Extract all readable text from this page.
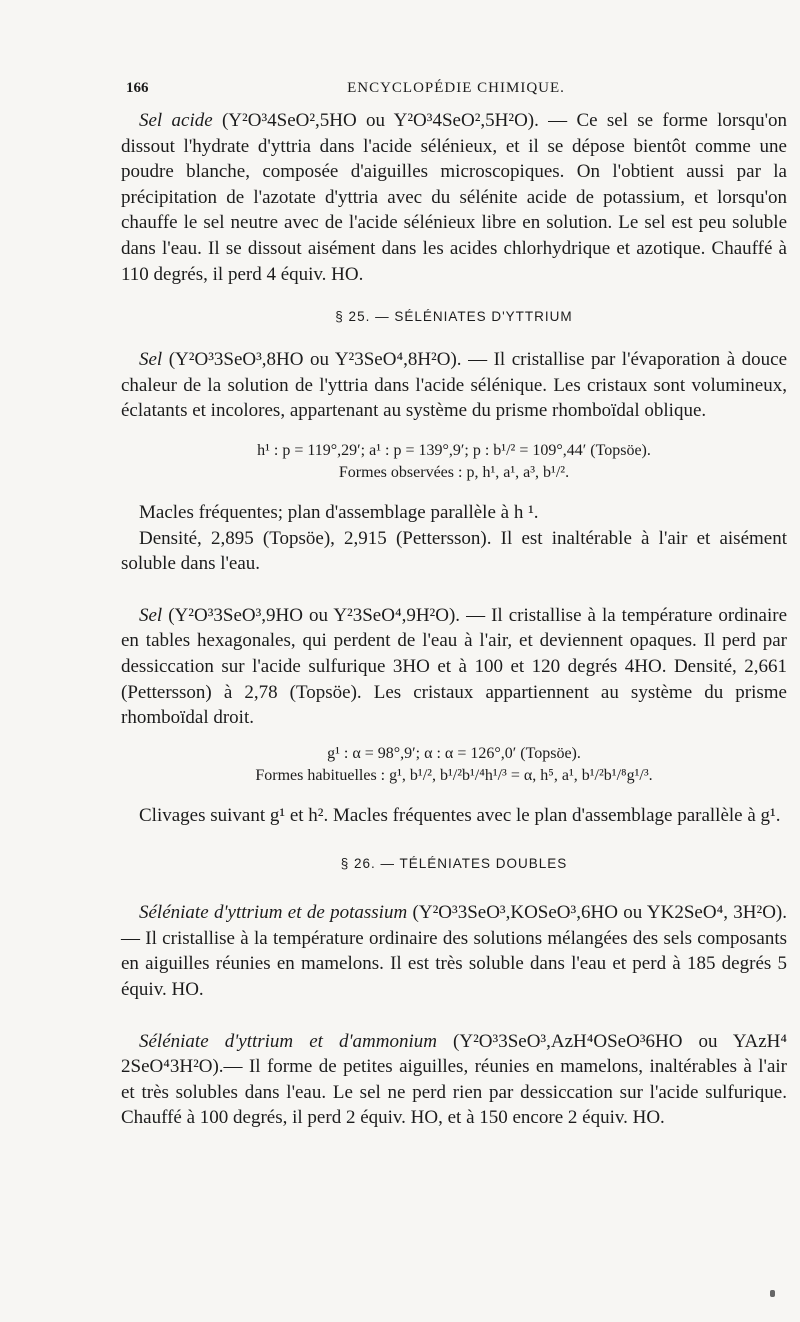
166	ENCYCLOPÉDIE CHIMIQUE.

Sel acide (Y²O³4SeO²,5HO ou Y²O³4SeO²,5H²O). — Ce sel se forme lorsqu'on dissout l'hydrate d'yttria dans l'acide sélénieux, et il se dépose bientôt comme une poudre blanche, composée d'aiguilles microscopiques. On l'obtient aussi par la précipitation de l'azotate d'yttria avec du sélénite acide de potassium, et lorsqu'on chauffe le sel neutre avec de l'acide sélénieux libre en solution. Le sel est peu soluble dans l'eau. Il se dissout aisément dans les acides chlorhydrique et azotique. Chauffé à 110 degrés, il perd 4 équiv. HO.

§ 25. — SÉLÉNIATES D'YTTRIUM

Sel (Y²O³3SeO³,8HO ou Y²3SeO⁴,8H²O). — Il cristallise par l'évaporation à douce chaleur de la solution de l'yttria dans l'acide sélénique. Les cristaux sont volumineux, éclatants et incolores, appartenant au système du prisme rhomboïdal oblique.

h¹ : p = 119°,29′; a¹ : p = 139°,9′; p : b¹/² = 109°,44′ (Topsöe).
Formes observées : p, h¹, a¹, a³, b¹/².

Macles fréquentes; plan d'assemblage parallèle à h ¹.

Densité, 2,895 (Topsöe), 2,915 (Pettersson). Il est inaltérable à l'air et aisément soluble dans l'eau.

Sel (Y²O³3SeO³,9HO ou Y²3SeO⁴,9H²O). — Il cristallise à la température ordinaire en tables hexagonales, qui perdent de l'eau à l'air, et deviennent opaques. Il perd par dessiccation sur l'acide sulfurique 3HO et à 100 et 120 degrés 4HO. Densité, 2,661 (Pettersson) à 2,78 (Topsöe). Les cristaux appartiennent au système du prisme rhomboïdal droit.

g¹ : α = 98°,9′; α : α = 126°,0′ (Topsöe).
Formes habituelles : g¹, b¹/², b¹/²b¹/⁴h¹/³ = α, h⁵, a¹, b¹/²b¹/⁸g¹/³.

Clivages suivant g¹ et h². Macles fréquentes avec le plan d'assemblage parallèle à g¹.

§ 26. — TÉLÉNIATES DOUBLES

Séléniate d'yttrium et de potassium (Y²O³3SeO³,KOSeO³,6HO ou YK2SeO⁴, 3H²O). — Il cristallise à la température ordinaire des solutions mélangées des sels composants en aiguilles réunies en mamelons. Il est très soluble dans l'eau et perd à 185 degrés 5 équiv. HO.

Séléniate d'yttrium et d'ammonium (Y²O³3SeO³,AzH⁴OSeO³6HO ou YAzH⁴ 2SeO⁴3H²O).— Il forme de petites aiguilles, réunies en mamelons, inaltérables à l'air et très solubles dans l'eau. Le sel ne perd rien par dessiccation sur l'acide sulfurique. Chauffé à 100 degrés, il perd 2 équiv. HO, et à 150 encore 2 équiv. HO.
